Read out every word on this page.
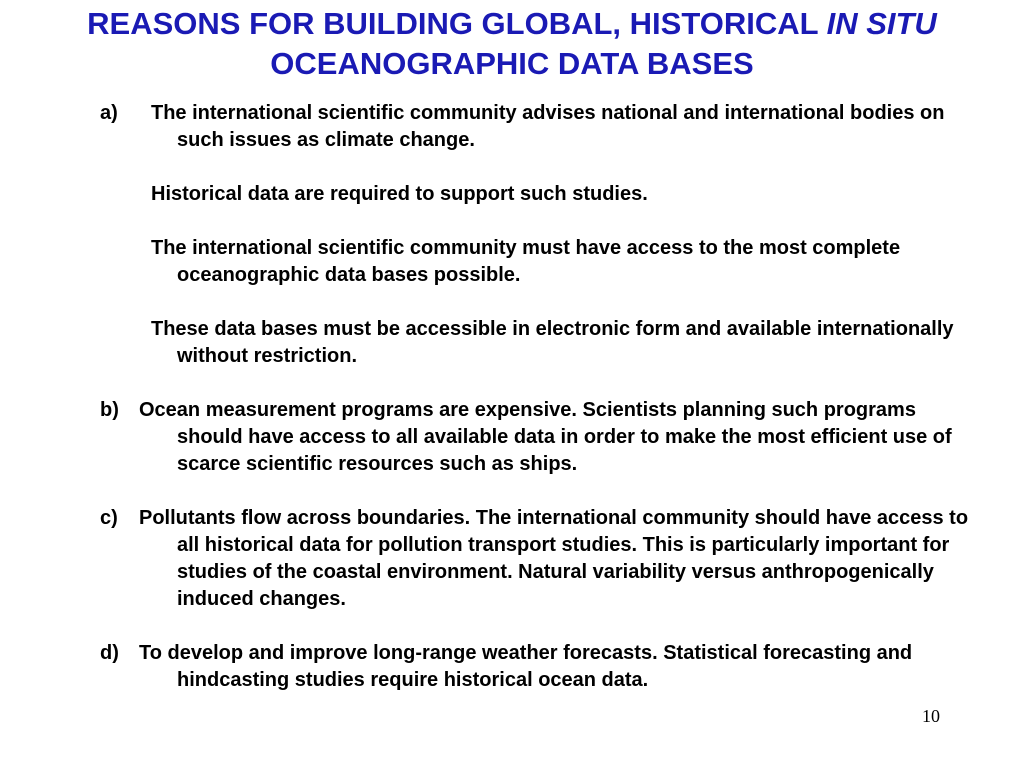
REASONS FOR BUILDING GLOBAL, HISTORICAL IN SITU OCEANOGRAPHIC DATA BASES

a)	The international scientific community advises national and international bodies on such issues as climate change.

Historical data are required to support such studies.

The international scientific community must have access to the most complete oceanographic data bases possible.

These data bases must be accessible in electronic form and available internationally without restriction.

b)	Ocean measurement programs are expensive. Scientists planning such programs should have access to all available data in order to make the most efficient use of scarce scientific resources such as ships.

c)	Pollutants flow across boundaries. The international community should have access to all historical data for pollution transport studies. This is particularly important for studies of the coastal environment. Natural variability versus anthropogenically induced changes.

d)	To develop and improve long-range weather forecasts. Statistical forecasting and hindcasting studies require historical ocean data.

10
